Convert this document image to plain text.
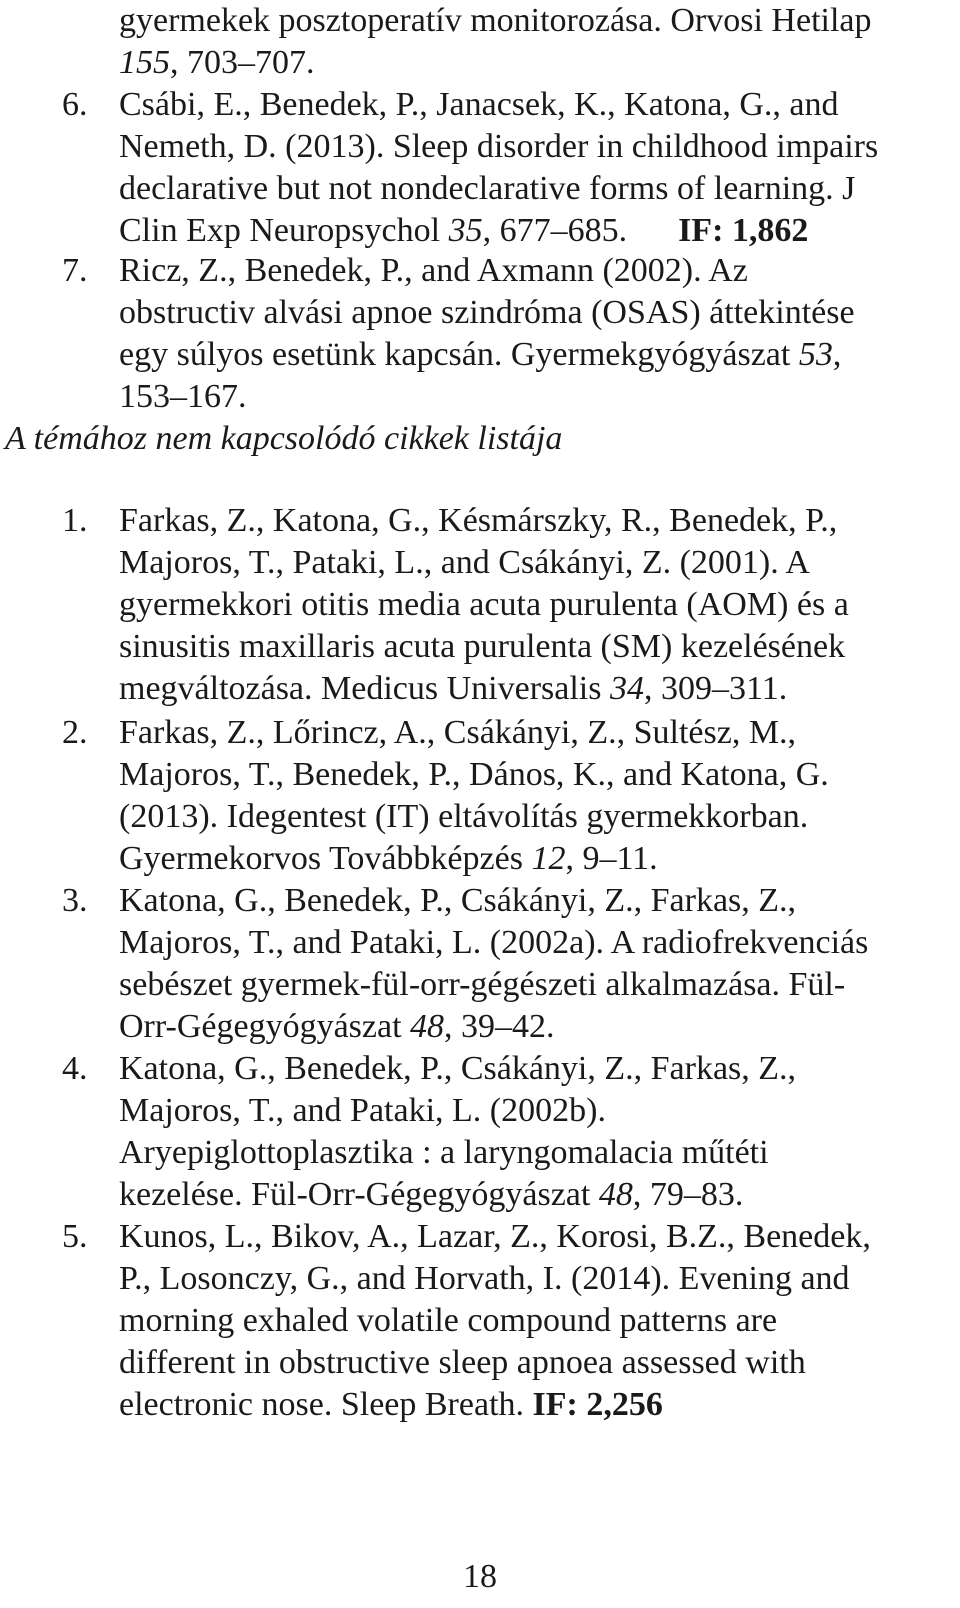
gyermekek posztoperatív monitorozása. Orvosi Hetilap
155, 703–707.
6. Csábi, E., Benedek, P., Janacsek, K., Katona, G., and
Nemeth, D. (2013). Sleep disorder in childhood impairs
declarative but not nondeclarative forms of learning. J
Clin Exp Neuropsychol 35, 677–685.      IF: 1,862
7. Ricz, Z., Benedek, P., and Axmann (2002). Az
obstructiv alvási apnoe szindróma (OSAS) áttekintése
egy súlyos esetünk kapcsán. Gyermekgyógyászat 53,
153–167.
A témához nem kapcsolódó cikkek listája
1. Farkas, Z., Katona, G., Késmárszky, R., Benedek, P.,
Majoros, T., Pataki, L., and Csákányi, Z. (2001). A
gyermekkori otitis media acuta purulenta (AOM) és a
sinusitis maxillaris acuta purulenta (SM) kezelésének
megváltozása. Medicus Universalis 34, 309–311.
2. Farkas, Z., Lőrincz, A., Csákányi, Z., Sultész, M.,
Majoros, T., Benedek, P., Dános, K., and Katona, G.
(2013). Idegentest (IT) eltávolítás gyermekkorban.
Gyermekorvos Továbbképzés 12, 9–11.
3. Katona, G., Benedek, P., Csákányi, Z., Farkas, Z.,
Majoros, T., and Pataki, L. (2002a). A radiofrekvenciás
sebészet gyermek-fül-orr-gégészeti alkalmazása. Fül-
Orr-Gégegyógyászat 48, 39–42.
4. Katona, G., Benedek, P., Csákányi, Z., Farkas, Z.,
Majoros, T., and Pataki, L. (2002b).
Aryepiglottoplasztika : a laryngomalacia műtéti
kezelése. Fül-Orr-Gégegyógyászat 48, 79–83.
5. Kunos, L., Bikov, A., Lazar, Z., Korosi, B.Z., Benedek,
P., Losonczy, G., and Horvath, I. (2014). Evening and
morning exhaled volatile compound patterns are
different in obstructive sleep apnoea assessed with
electronic nose. Sleep Breath. IF: 2,256
18
